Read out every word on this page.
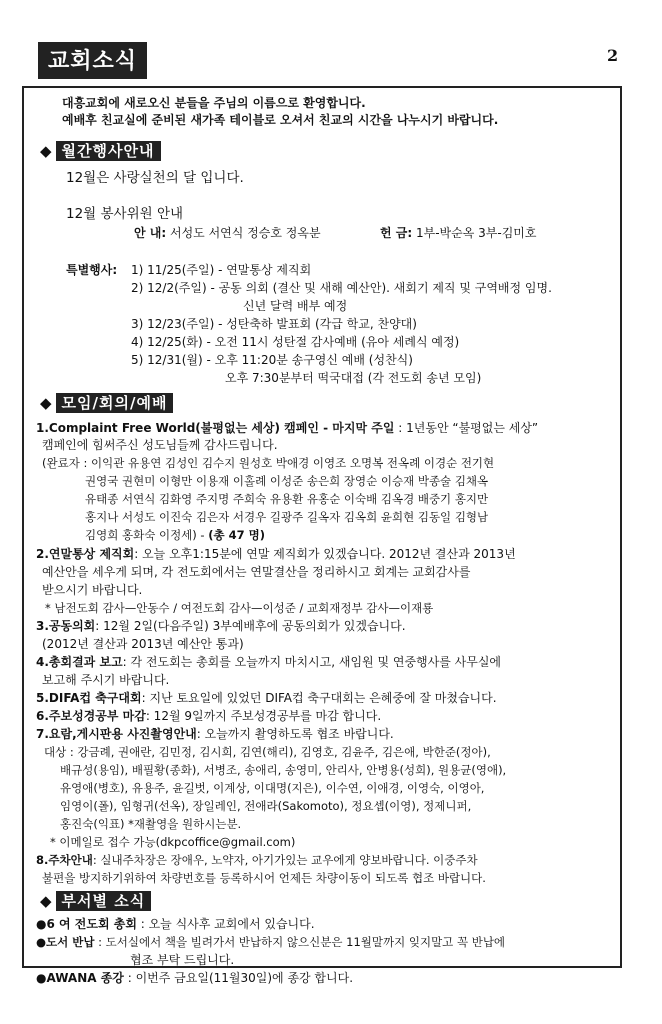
교회소식	2
대흥교회에 새로오신 분들을 주님의 이름으로 환영합니다.
예배후 친교실에 준비된 새가족 테이블로 오셔서 친교의 시간을 나누시기 바랍니다.
◆ 월간행사안내
12월은 사랑실천의 달 입니다.
12월 봉사위원 안내
안 내: 서성도 서연식 정승호 정옥분	헌 금: 1부-박순옥 3부-김미호
특별행사: 1) 11/25(주일) - 연말통상 제직회
2) 12/2(주일) - 공동 의회 (결산 및 새해 예산안). 새회기 제직 및 구역배정 임명.
신년 달력 배부 예정
3) 12/23(주일) - 성탄축하 발표회 (각급 학교, 찬양대)
4) 12/25(화) - 오전 11시 성탄절 감사예배 (유아 세례식 예정)
5) 12/31(월) - 오후 11:20분 송구영신 예배 (성찬식)
오후 7:30분부터 떡국대접 (각 전도회 송년 모임)
◆ 모임/회의/예배
1.Complaint Free World(불평없는 세상) 캠페인 - 마지막 주일 : 1년동안 “불평없는 세상”
캠페인에 힘써주신 성도님들께 감사드립니다.
(완료자 : 이익관 유용연 김성인 김수지 원성호 박애경 이영조 오명복 전옥례 이경순 전기현
권영국 권현미 이형만 이용재 이홀례 이성준 송은희 장영순 이승재 박종술 김채옥
유태종 서연식 김화영 주지명 주희숙 유용환 유홍순 이숙배 김옥경 배중기 홍지만
홍지나 서성도 이진숙 김은자 서경우 길광주 길옥자 김옥희 윤희현 김동일 김형남
김영희 홍화숙 이정세) - (총 47 명)
2.연말통상 제직회: 오늘 오후1:15분에 연말 제직회가 있겠습니다. 2012년 결산과 2013년
예산안을 세우게 되며, 각 전도회에서는 연말결산을 정리하시고 회계는 교회감사를
받으시기 바랍니다.
* 남전도회 감사—안동수 / 여전도회 감사—이성준 / 교회재정부 감사—이재룡
3.공동의회: 12월 2일(다음주일) 3부예배후에 공동의회가 있겠습니다.
(2012년 결산과 2013년 예산안 통과)
4.총회결과 보고: 각 전도회는 총회를 오늘까지 마치시고, 새임원 및 연중행사를 사무실에
보고해 주시기 바랍니다.
5.DIFA컵 축구대회: 지난 토요일에 있었던 DIFA컵 축구대회는 은혜중에 잘 마쳤습니다.
6.주보성경공부 마감: 12월 9일까지 주보성경공부를 마감 합니다.
7.요람,게시판용 사진촬영안내: 오늘까지 촬영하도록 협조 바랍니다.
대상 : 강금례, 권애란, 김민정, 김시희, 김연(해리), 김영호, 김윤주, 김은애, 박한준(정아),
배규성(용임), 배필황(종화), 서병조, 송애리, 송영미, 안리사, 안병용(성희), 원용균(영애),
유영애(병호), 유용주, 윤길벗, 이계상, 이대명(지은), 이수연, 이애경, 이영숙, 이영아,
임영이(폴), 임형귀(선옥), 장일레인, 전애라(Sakomoto), 정요셉(이영), 정제니퍼,
홍진숙(익표) *재촬영을 원하시는분.
* 이메일로 접수 가능(dkpcoffice@gmail.com)
8.주차안내: 실내주차장은 장애우, 노약자, 아기가있는 교우에게 양보바랍니다. 이중주차
불편을 방지하기위하여 차량번호를 등록하시어 언제든 차량이동이 되도록 협조 바랍니다.
◆ 부서별 소식
●6 여 전도회 총회 : 오늘 식사후 교회에서 있습니다.
●도서 반납 : 도서실에서 책을 빌려가서 반납하지 않으신분은 11월말까지 잊지말고 꼭 반납에
협조 부탁 드립니다.
●AWANA 종강 : 이번주 금요일(11월30일)에 종강 합니다.
